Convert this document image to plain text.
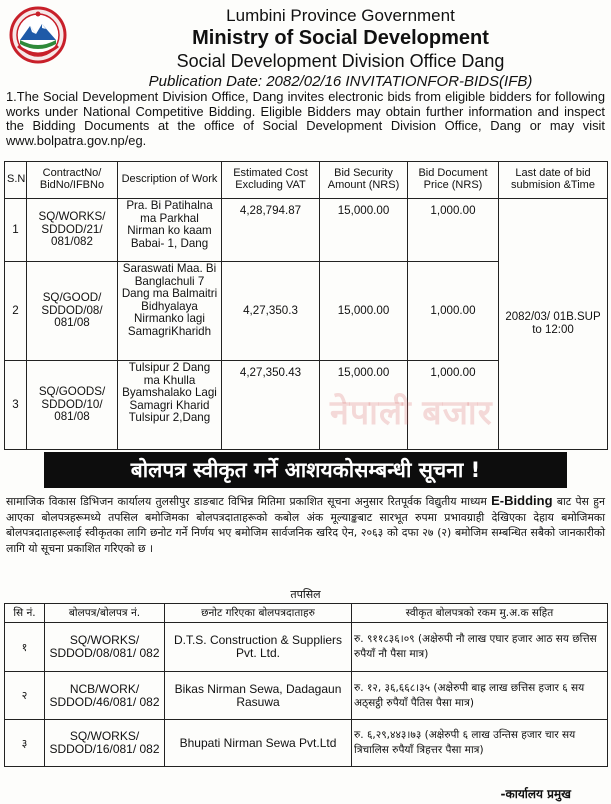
Lumbini Province Government
Ministry of Social Development
Social Development Division Office Dang
Publication Date: 2082/02/16 INVITATIONFOR-BIDS(IFB)

1.The Social Development Division Office, Dang invites electronic bids from eligible bidders for following works under National Competitive Bidding. Eligible Bidders may obtain further information and inspect the Bidding Documents at the office of Social Development Division Office, Dang or may visit www.bolpatra.gov.np/eg.

S.N	ContractNo/ BidNo/IFBNo	Description of Work	Estimated Cost Excluding VAT	Bid Security Amount (NRS)	Bid Document Price (NRS)	Last date of bid submision &Time
1	SQ/WORKS/ SDDOD/21/ 081/082	Pra. Bi Patihalna ma Parkhal Nirman ko kaam Babai- 1, Dang	4,28,794.87	15,000.00	1,000.00	2082/03/ 01B.SUP to 12:00
2	SQ/GOOD/ SDDOD/08/ 081/08	Saraswati Maa. Bi Banglachuli 7 Dang ma Balmaitri Bidhyalaya Nirmanko lagi SamagriKharidh	4,27,350.3	15,000.00	1,000.00	
3	SQ/GOODS/ SDDOD/10/ 081/08	Tulsipur 2 Dang ma Khulla Byamshalako Lagi Samagri Kharid Tulsipur 2,Dang	4,27,350.43	15,000.00	1,000.00	
नेपाली बजार
बोलपत्र स्वीकृत गर्ने आशयकोसम्बन्धी सूचना !

सामाजिक विकास डिभिजन कार्यालय तुलसीपुर डाङबाट विभिन्न मितिमा प्रकाशित सूचना अनुसार रितपूर्वक विद्युतीय माध्यम E-Bidding बाट पेस हुन आएका बोलपत्रहरूमध्ये तपसिल बमोजिमका बोलपत्रदाताहरूको कबोल अंक मूल्याङ्कबाट सारभूत रुपमा प्रभावग्राही देखिएका देहाय बमोजिमका बोलपत्रदाताहरूलाई स्वीकृतका लागि छनोट गर्ने निर्णय भए बमोजिम सार्वजनिक खरिद ऐन, २०६३ को दफा २७ (२) बमोजिम सम्बन्धित सबैको जानकारीको लागि यो सूचना प्रकाशित गरिएको छ ।

तपसिल
सि नं.	बोलपत्र/बोलपत्र नं.	छनोट गरिएका बोलपत्रदाताहरु	स्वीकृत बोलपत्रको रकम मु.अ.क सहित
१	SQ/WORKS/ SDDOD/08/081/ 082	D.T.S. Construction & Suppliers Pvt. Ltd.	रु. ९११८३६।०९ (अक्षेरुपी नौ लाख एघार हजार आठ सय छत्तिस रुपैयाँ नौ पैसा मात्र)
२	NCB/WORK/ SDDOD/46/081/ 082	Bikas Nirman Sewa, Dadagaun Rasuwa	रु. १२, ३६,६६८।३५ (अक्षेरुपी बाह्र लाख छत्तिस हजार ६ सय अठ्सट्ठी रुपैयाँ पैतिस पैसा मात्र)
३	SQ/WORKS/ SDDOD/16/081/ 082	Bhupati Nirman Sewa Pvt.Ltd	रु. ६,२९,४४३।७३ (अक्षेरुपी ६ लाख उन्तिस हजार चार सय त्रिचालिस रुपैयाँ त्रिहत्तर पैसा मात्र)
-कार्यालय प्रमुख
